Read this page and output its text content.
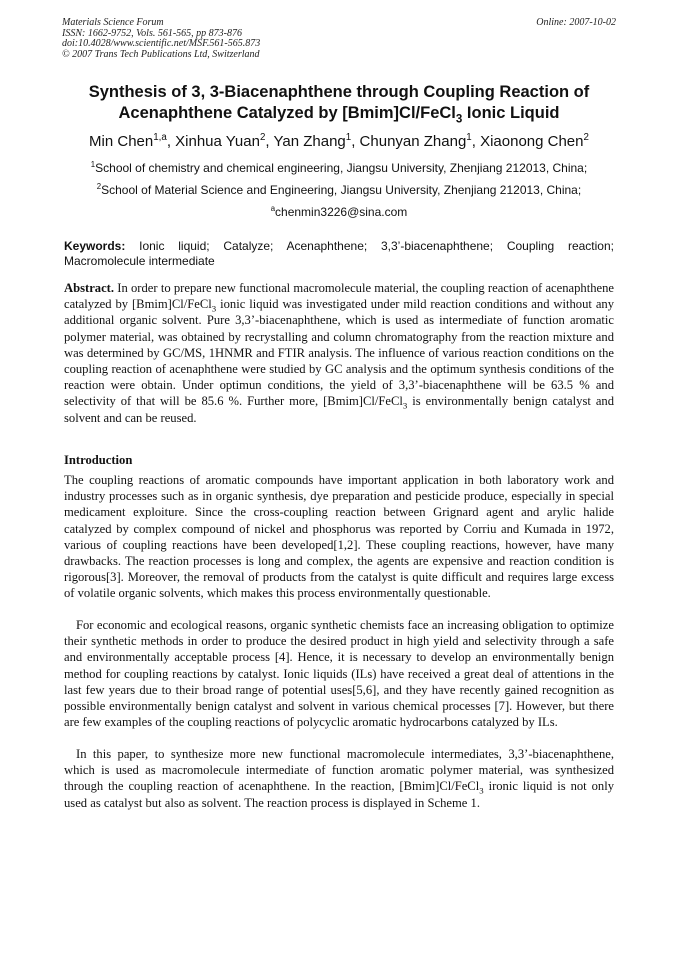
Materials Science Forum
ISSN: 1662-9752, Vols. 561-565, pp 873-876
doi:10.4028/www.scientific.net/MSF.561-565.873
© 2007 Trans Tech Publications Ltd, Switzerland
Online: 2007-10-02
Synthesis of 3, 3-Biacenaphthene through Coupling Reaction of
Acenaphthene Catalyzed by [Bmim]Cl/FeCl$_3$ Ionic Liquid
Min Chen$^{1,a}$, Xinhua Yuan$^2$, Yan Zhang$^1$, Chunyan Zhang$^1$, Xiaonong Chen$^2$
$^1$School of chemistry and chemical engineering, Jiangsu University, Zhenjiang 212013, China;
$^2$School of Material Science and Engineering, Jiangsu University, Zhenjiang 212013, China;
$^a$chenmin3226@sina.com
Keywords: Ionic liquid; Catalyze; Acenaphthene; 3,3’-biacenaphthene; Coupling reaction; Macromolecule intermediate
Abstract. In order to prepare new functional macromolecule material, the coupling reaction of acenaphthene catalyzed by [Bmim]Cl/FeCl$_3$ ionic liquid was investigated under mild reaction conditions and without any additional organic solvent. Pure 3,3’-biacenaphthene, which is used as intermediate of function aromatic polymer material, was obtained by recrystalling and column chromatography from the reaction mixture and was determined by GC/MS, 1HNMR and FTIR analysis. The influence of various reaction conditions on the coupling reaction of acenaphthene were studied by GC analysis and the optimum synthesis conditions of the reaction were obtain. Under optimun conditions, the yield of 3,3’-biacenaphthene will be 63.5 % and selectivity of that will be 85.6 %. Further more, [Bmim]Cl/FeCl$_3$ is environmentally benign catalyst and solvent and can be reused.
Introduction
The coupling reactions of aromatic compounds have important application in both laboratory work and industry processes such as in organic synthesis, dye preparation and pesticide produce, especially in special medicament exploiture. Since the cross-coupling reaction between Grignard agent and arylic halide catalyzed by complex compound of nickel and phosphorus was reported by Corriu and Kumada in 1972, various of coupling reactions have been developed[1,2]. These coupling reactions, however, have many drawbacks. The reaction processes is long and complex, the agents are expensive and reaction condition is rigorous[3]. Moreover, the removal of products from the catalyst is quite difficult and requires large excess of volatile organic solvents, which makes this process environmentally questionable.
For economic and ecological reasons, organic synthetic chemists face an increasing obligation to optimize their synthetic methods in order to produce the desired product in high yield and selectivity through a safe and environmentally acceptable process [4]. Hence, it is necessary to develop an environmentally benign method for coupling reactions by catalyst. Ionic liquids (ILs) have received a great deal of attentions in the last few years due to their broad range of potential uses[5,6], and they have recently gained recognition as possible environmentally benign catalyst and solvent in various chemical processes [7]. However, but there are few examples of the coupling reactions of polycyclic aromatic hydrocarbons catalyzed by ILs.
In this paper, to synthesize more new functional macromolecule intermediates, 3,3’-biacenaphthene, which is used as macromolecule intermediate of function aromatic polymer material, was synthesized through the coupling reaction of acenaphthene. In the reaction, [Bmim]Cl/FeCl$_3$ ironic liquid is not only used as catalyst but also as solvent. The reaction process is displayed in Scheme 1.
